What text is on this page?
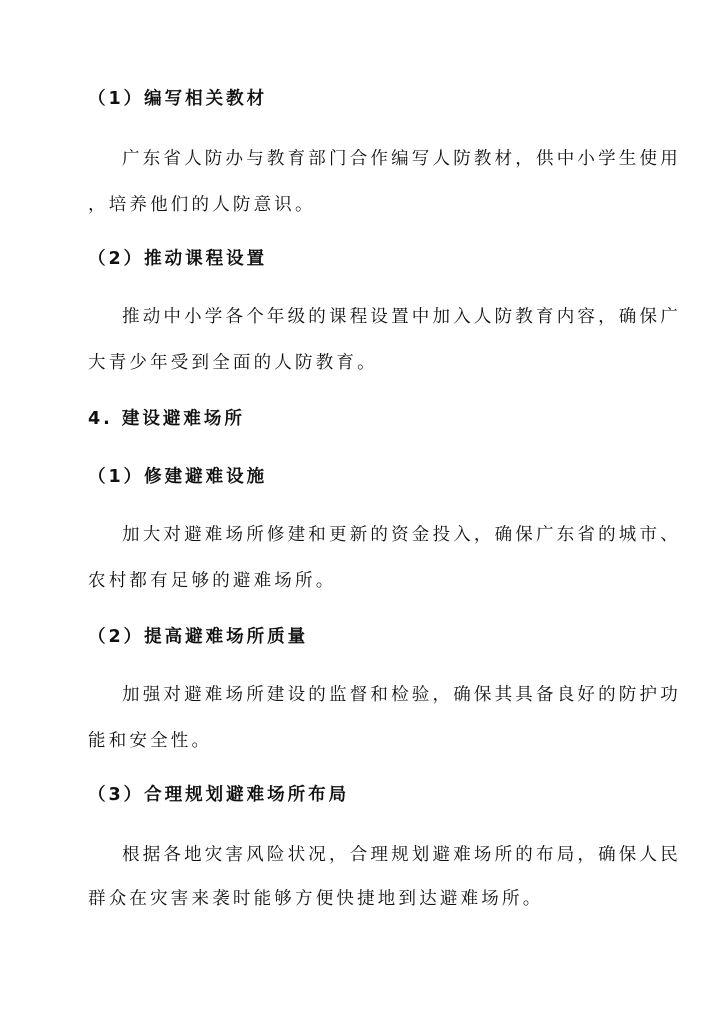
（1）编写相关教材
广东省人防办与教育部门合作编写人防教材，供中小学生使用
，培养他们的人防意识。
（2）推动课程设置
推动中小学各个年级的课程设置中加入人防教育内容，确保广
大青少年受到全面的人防教育。
4. 建设避难场所
（1）修建避难设施
加大对避难场所修建和更新的资金投入，确保广东省的城市、
农村都有足够的避难场所。
（2）提高避难场所质量
加强对避难场所建设的监督和检验，确保其具备良好的防护功
能和安全性。
（3）合理规划避难场所布局
根据各地灾害风险状况，合理规划避难场所的布局，确保人民
群众在灾害来袭时能够方便快捷地到达避难场所。
